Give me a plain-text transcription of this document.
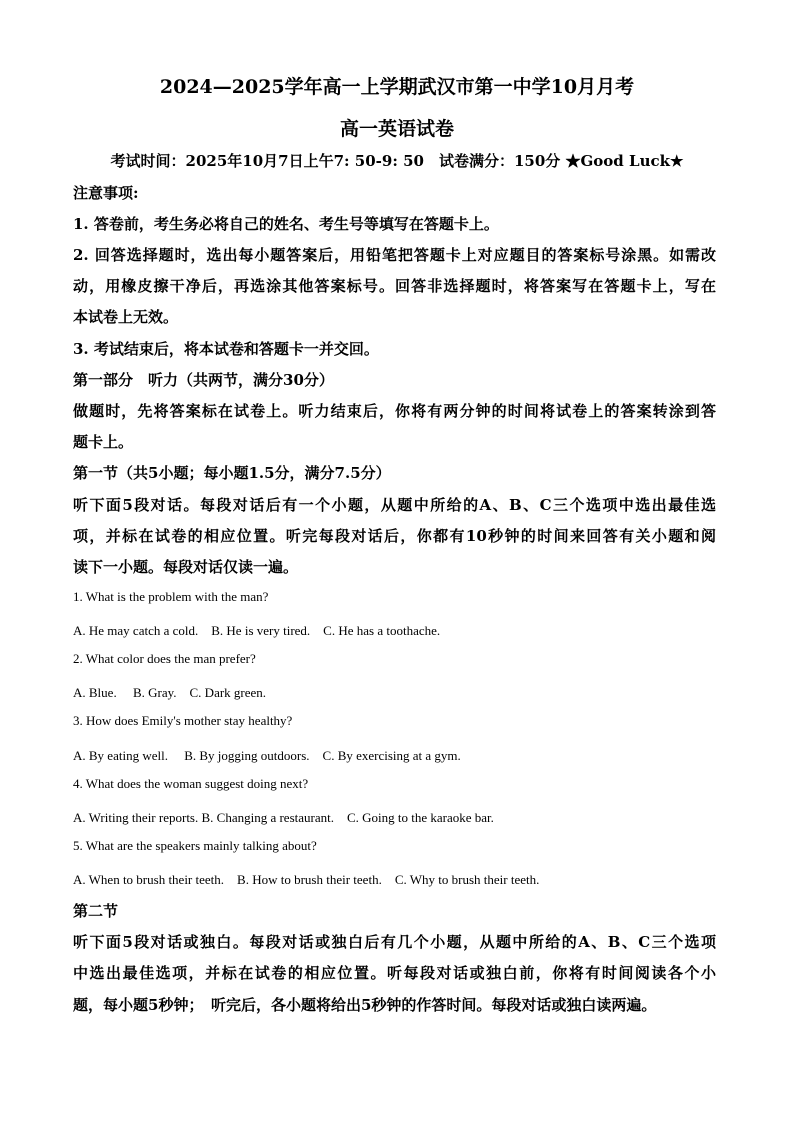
2024—2025学年高一上学期武汉市第一中学10月月考
高一英语试卷
考试时间：2025年10月7日上午7: 50-9: 50　试卷满分：150分 ★Good Luck★
注意事项:
1. 答卷前，考生务必将自己的姓名、考生号等填写在答题卡上。
2. 回答选择题时，选出每小题答案后，用铅笔把答题卡上对应题目的答案标号涂黑。如需改
动，用橡皮擦干净后，再选涂其他答案标号。回答非选择题时，将答案写在答题卡上，写在
本试卷上无效。
3. 考试结束后，将本试卷和答题卡一并交回。
第一部分　听力（共两节，满分30分）
做题时，先将答案标在试卷上。听力结束后，你将有两分钟的时间将试卷上的答案转涂到答
题卡上。
第一节（共5小题；每小题1.5分，满分7.5分）
听下面5段对话。每段对话后有一个小题，从题中所给的A、B、C三个选项中选出最佳选
项，并标在试卷的相应位置。听完每段对话后，你都有10秒钟的时间来回答有关小题和阅
读下一小题。每段对话仅读一遍。
1. What is the problem with the man?
A. He may catch a cold.　B. He is very tired.　C. He has a toothache.
2. What color does the man prefer?
A. Blue.　 B. Gray.　C. Dark green.
3. How does Emily's mother stay healthy?
A. By eating well.　 B. By jogging outdoors.　C. By exercising at a gym.
4. What does the woman suggest doing next?
A. Writing their reports. B. Changing a restaurant.　C. Going to the karaoke bar.
5. What are the speakers mainly talking about?
A. When to brush their teeth.　B. How to brush their teeth.　C. Why to brush their teeth.
第二节
听下面5段对话或独白。每段对话或独白后有几个小题，从题中所给的A、B、C三个选项
中选出最佳选项，并标在试卷的相应位置。听每段对话或独白前，你将有时间阅读各个小
题，每小题5秒钟；　听完后，各小题将给出5秒钟的作答时间。每段对话或独白读两遍。
